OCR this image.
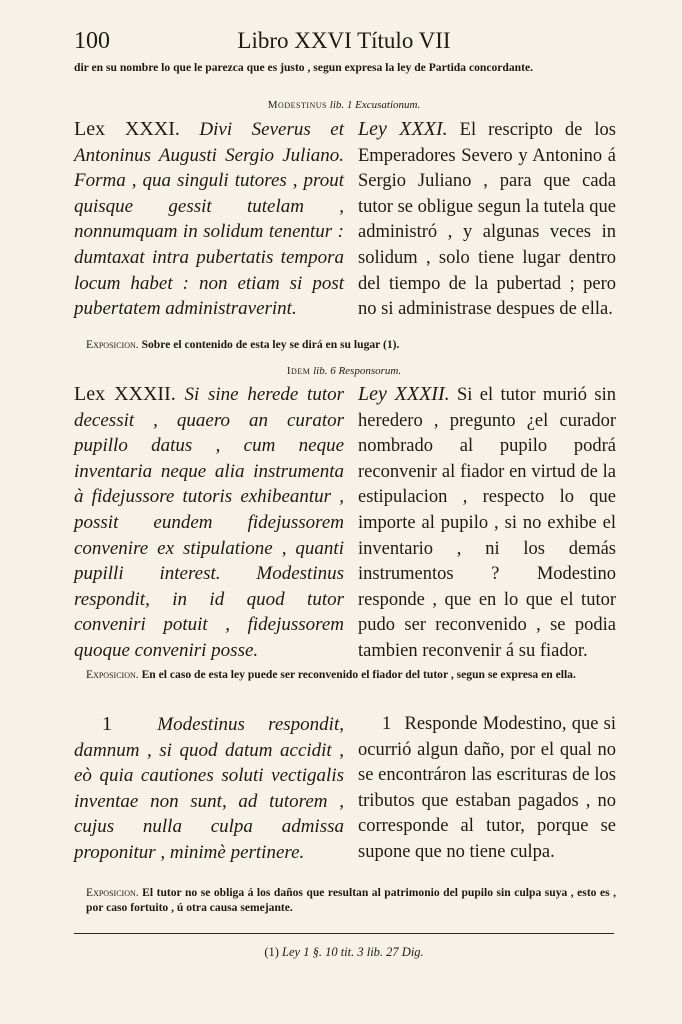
100	Libro XXVI Título VII
dir en su nombre lo que le parezca que es justo , segun expresa la ley de Partida concordante.
Modestinus lib. 1 Excusationum.
Lex XXXI. Divi Severus et Antoninus Augusti Sergio Juliano. Forma , qua singuli tutores , prout quisque gessit tutelam , nonnumquam in solidum tenentur : dumtaxat intra pubertatis tempora locum habet : non etiam si post pubertatem administraverint.
Ley XXXI. El rescripto de los Emperadores Severo y Antonino á Sergio Juliano , para que cada tutor se obligue segun la tutela que administró , y algunas veces in solidum , solo tiene lugar dentro del tiempo de la pubertad ; pero no si administrase despues de ella.
Exposicion. Sobre el contenido de esta ley se dirá en su lugar (1).
Idem lib. 6 Responsorum.
Lex XXXII. Si sine herede tutor decessit , quaero an curator pupillo datus , cum neque inventaria neque alia instrumenta à fidejussore tutoris exhibeantur , possit eundem fidejussorem convenire ex stipulatione , quanti pupilli interest. Modestinus respondit, in id quod tutor conveniri potuit , fidejussorem quoque conveniri posse.
Ley XXXII. Si el tutor murió sin heredero , pregunto ¿el curador nombrado al pupilo podrá reconvenir al fiador en virtud de la estipulacion , respecto lo que importe al pupilo , si no exhibe el inventario , ni los demás instrumentos ? Modestino responde , que en lo que el tutor pudo ser reconvenido , se podia tambien reconvenir á su fiador.
Exposicion. En el caso de esta ley puede ser reconvenido el fiador del tutor , segun se expresa en ella.
1 Modestinus respondit, damnum , si quod datum accidit , eò quia cautiones soluti vectigalis inventae non sunt, ad tutorem , cujus nulla culpa admissa proponitur , minimè pertinere.
1 Responde Modestino, que si ocurrió algun daño, por el qual no se encontráron las escrituras de los tributos que estaban pagados , no corresponde al tutor, porque se supone que no tiene culpa.
Exposicion. El tutor no se obliga á los daños que resultan al patrimonio del pupilo sin culpa suya , esto es , por caso fortuito , ú otra causa semejante.
(1) Ley 1 §. 10 tit. 3 lib. 27 Dig.
